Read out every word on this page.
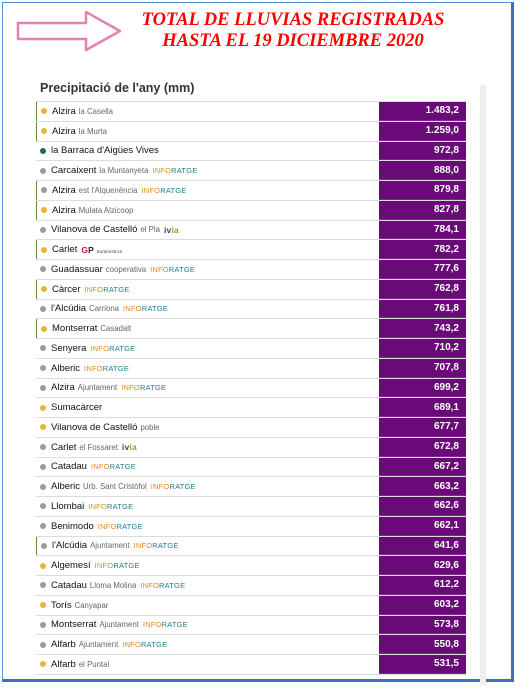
TOTAL DE LLUVIAS REGISTRADAS
HASTA EL 19 DICIEMBRE 2020
Precipitació de l'any (mm)
Alzira la Casella	1.483,2
Alzira la Murta	1.259,0
la Barraca d'Aigües Vives	972,8
Carcaixent la Muntanyeta INFORATGE	888,0
Alzira est l'Alquenència INFORATGE	879,8
Alzira Mulata Alzicoop	827,8
Vilanova de Castelló el Pla ivia	784,1
Carlet GP Suministros	782,2
Guadassuar cooperativa INFORATGE	777,6
Càrcer INFORATGE	762,8
l'Alcúdia Carriona INFORATGE	761,8
Montserrat Casadalt	743,2
Senyera INFORATGE	710,2
Alberic INFORATGE	707,8
Alzira Ajuntament INFORATGE	699,2
Sumacàrcer	689,1
Vilanova de Castelló poble	677,7
Carlet el Fossaret ivia	672,8
Catadau INFORATGE	667,2
Alberic Urb. Sant Cristòfol INFORATGE	663,2
Llombai INFORATGE	662,6
Benimodo INFORATGE	662,1
l'Alcúdia Ajuntament INFORATGE	641,6
Algemesí INFORATGE	629,6
Catadau Lloma Molina INFORATGE	612,2
Torís Canyapar	603,2
Montserrat Ajuntament INFORATGE	573,8
Alfarb Ajuntament INFORATGE	550,8
Alfarb el Puntal	531,5
